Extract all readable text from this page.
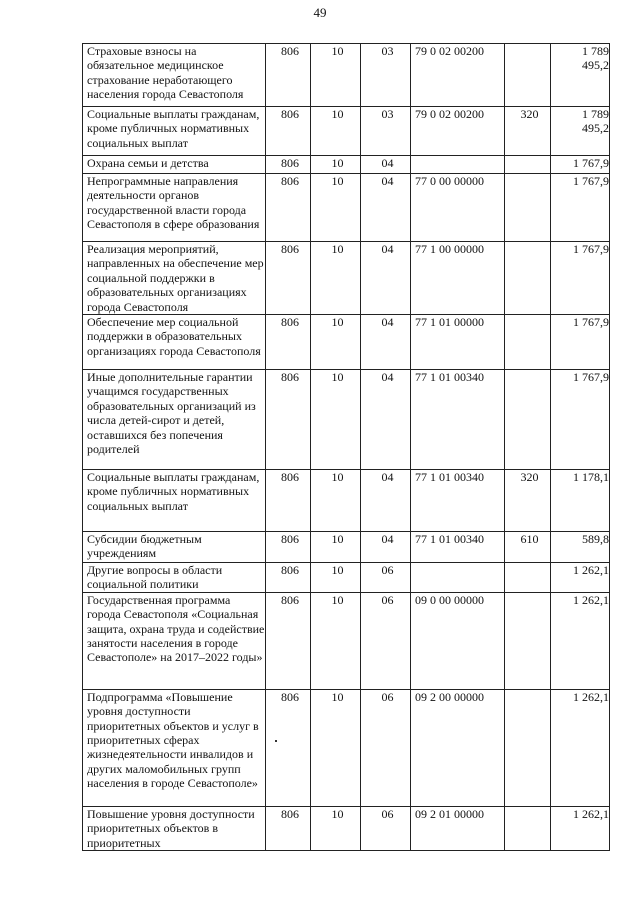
49
Страховые взносы на обязательное медицинское страхование неработающего населения города Севастополя	806	10	03	79 0 02 00200		1 789 495,2
Социальные выплаты гражданам, кроме публичных нормативных социальных выплат	806	10	03	79 0 02 00200	320	1 789 495,2
Охрана семьи и детства	806	10	04			1 767,9
Непрограммные направления деятельности органов государственной власти города Севастополя в сфере образования	806	10	04	77 0 00 00000		1 767,9
Реализация мероприятий, направленных на обеспечение мер социальной поддержки в образовательных организациях города Севастополя	806	10	04	77 1 00 00000		1 767,9
Обеспечение мер социальной поддержки в образовательных организациях города Севастополя	806	10	04	77 1 01 00000		1 767,9
Иные дополнительные гарантии учащимся государственных образовательных организаций из числа детей-сирот и детей, оставшихся без попечения родителей	806	10	04	77 1 01 00340		1 767,9
Социальные выплаты гражданам, кроме публичных нормативных социальных выплат	806	10	04	77 1 01 00340	320	1 178,1
Субсидии бюджетным учреждениям	806	10	04	77 1 01 00340	610	589,8
Другие вопросы в области социальной политики	806	10	06			1 262,1
Государственная программа города Севастополя «Социальная защита, охрана труда и содействие занятости населения в городе Севастополе» на 2017–2022 годы»	806	10	06	09 0 00 00000		1 262,1
Подпрограмма «Повышение уровня доступности приоритетных объектов и услуг в приоритетных сферах жизнедеятельности инвалидов и других маломобильных групп населения в городе Севастополе»	806	10	06	09 2 00 00000		1 262,1
Повышение уровня доступности приоритетных объектов в приоритетных	806	10	06	09 2 01 00000		1 262,1
